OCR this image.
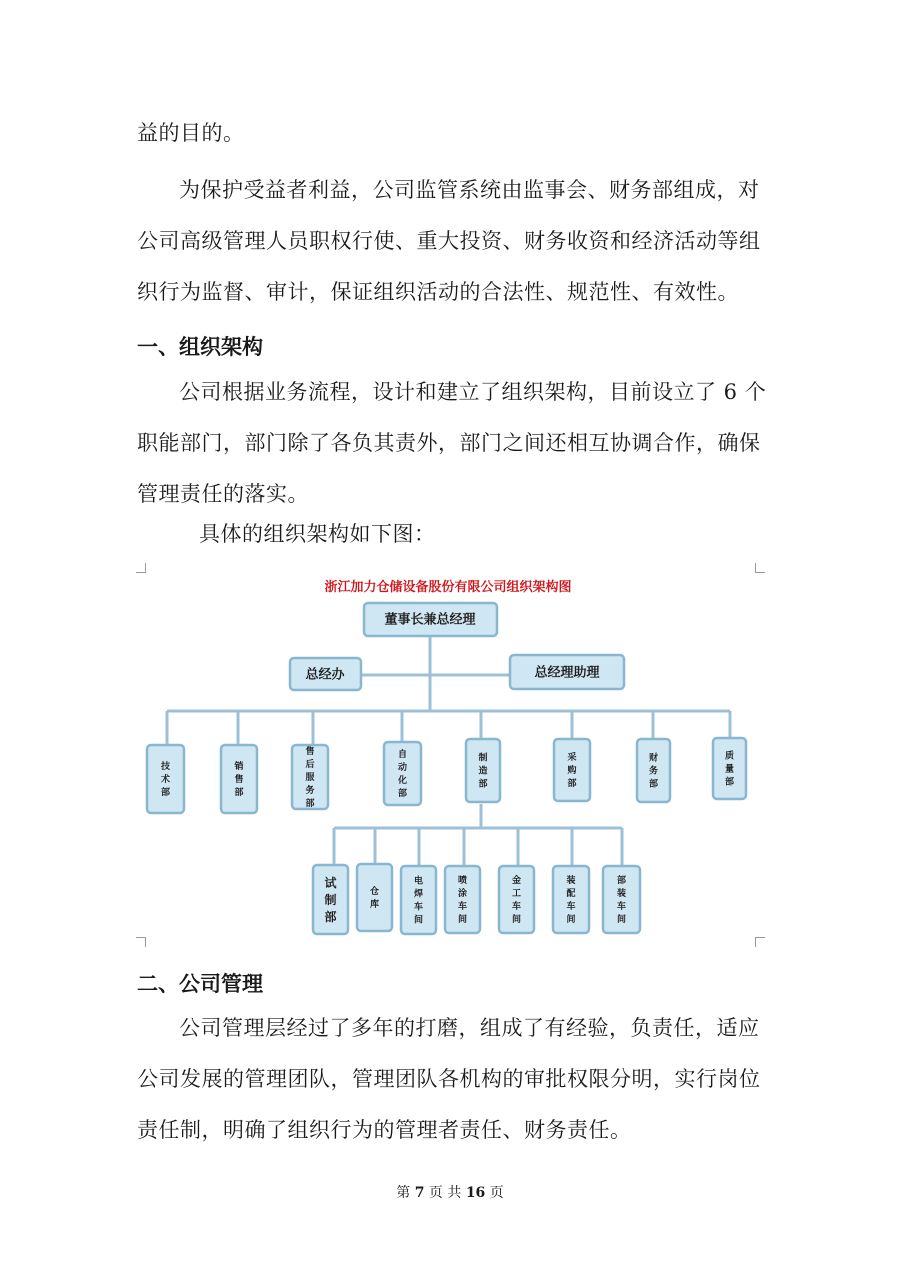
益的目的。
为保护受益者利益，公司监管系统由监事会、财务部组成，对公司高级管理人员职权行使、重大投资、财务收资和经济活动等组织行为监督、审计，保证组织活动的合法性、规范性、有效性。
一、组织架构
公司根据业务流程，设计和建立了组织架构，目前设立了 6 个职能部门，部门除了各负其责外，部门之间还相互协调合作，确保管理责任的落实。
具体的组织架构如下图：
浙江加力仓储设备股份有限公司组织架构图
董事长兼总经理
总经办	总经理助理
技术部
销售部
售后服务部
自动化部
制造部
采购部
财务部
质量部
试制部
仓库
电焊车间
喷涂车间
金工车间
装配车间
部装车间
二、公司管理
公司管理层经过了多年的打磨，组成了有经验，负责任，适应公司发展的管理团队，管理团队各机构的审批权限分明，实行岗位责任制，明确了组织行为的管理者责任、财务责任。
第 7 页 共 16 页
